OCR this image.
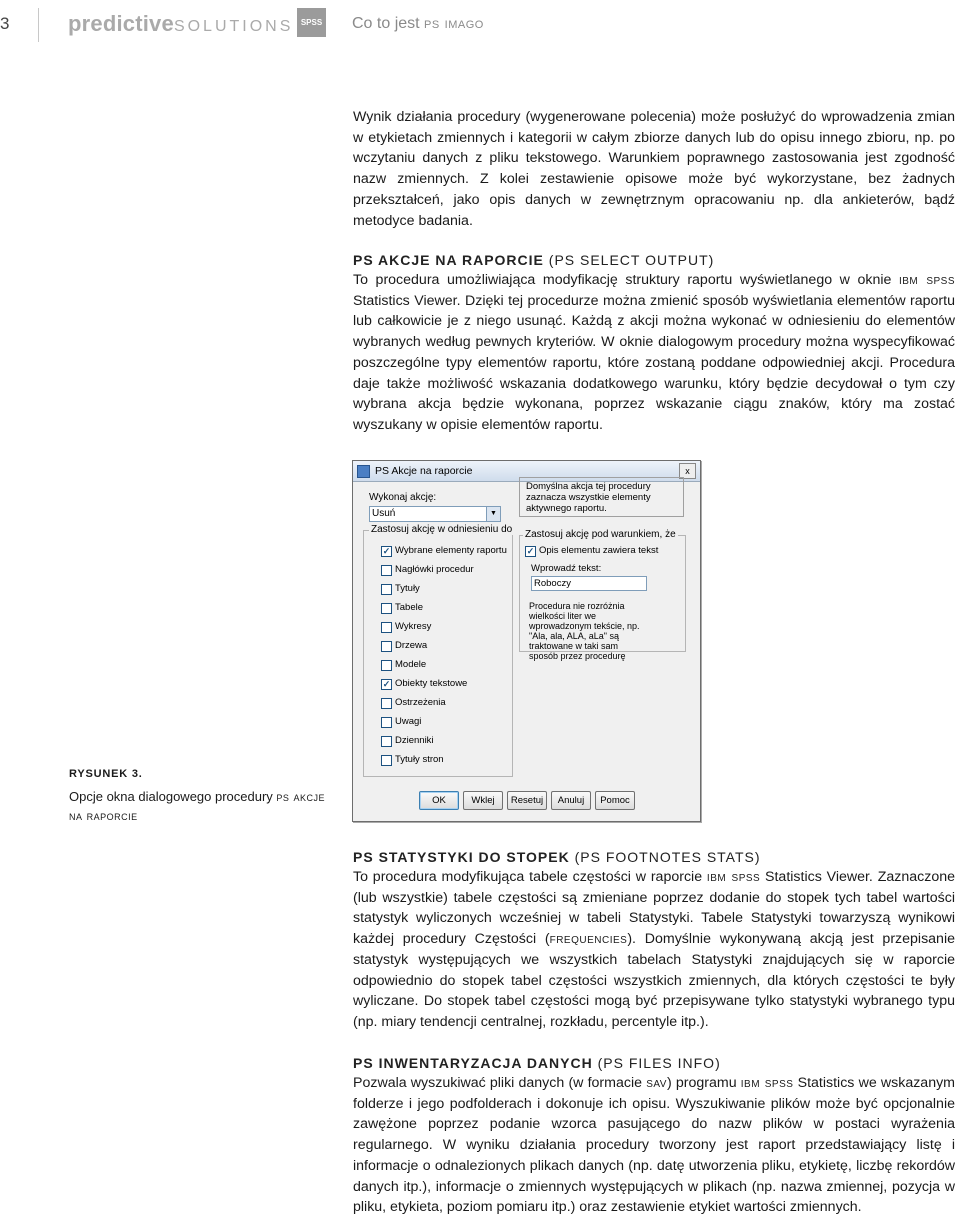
3	predictiveSOLUTIONS SPSS Co to jest ps imago

Wynik działania procedury (wygenerowane polecenia) może posłużyć do wprowadzenia zmian w etykietach zmiennych i kategorii w całym zbiorze danych lub do opisu innego zbioru, np. po wczytaniu danych z pliku tekstowego. Warunkiem poprawnego zastosowania jest zgodność nazw zmiennych. Z kolei zestawienie opisowe może być wykorzystane, bez żadnych przekształceń, jako opis danych w zewnętrznym opracowaniu np. dla ankieterów, bądź metodyce badania.

PS AKCJE NA RAPORCIE (PS SELECT OUTPUT)

To procedura umożliwiająca modyfikację struktury raportu wyświetlanego w oknie ibm spss Statistics Viewer. Dzięki tej procedurze można zmienić sposób wyświetlania elementów raportu lub całkowicie je z niego usunąć. Każdą z akcji można wykonać w odniesieniu do elementów wybranych według pewnych kryteriów. W oknie dialogowym procedury można wyspecyfikować poszczególne typy elementów raportu, które zostaną poddane odpowiedniej akcji. Procedura daje także możliwość wskazania dodatkowego warunku, który będzie decydował o tym czy wybrana akcja będzie wykonana, poprzez wskazanie ciągu znaków, który ma zostać wyszukany w opisie elementów raportu.

RYSUNEK 3.
Opcje okna dialogowego procedury ps akcje na raporcie
PS Akcje na raporcie	x
Wykonaj akcję:
Usuń	▼
Domyślna akcja tej procedury zaznacza wszystkie elementy aktywnego raportu.
Zastosuj akcję w odniesieniu do
✓ Wybrane elementy raportu
Nagłówki procedur
Tytuły
Tabele
Wykresy
Drzewa
Modele
✓ Obiekty tekstowe
Ostrzeżenia
Uwagi
Dzienniki
Tytuły stron
Zastosuj akcję pod warunkiem, że
✓ Opis elementu zawiera tekst
Wprowadź tekst:
Roboczy
Procedura nie rozróżnia wielkości liter we wprowadzonym tekście, np. "Ala, ala, ALA, aLa" są traktowane w taki sam sposób przez procedurę
OK	Wklej	Resetuj	Anuluj	Pomoc

PS STATYSTYKI DO STOPEK (PS FOOTNOTES STATS)

To procedura modyfikująca tabele częstości w raporcie ibm spss Statistics Viewer. Zaznaczone (lub wszystkie) tabele częstości są zmieniane poprzez dodanie do stopek tych tabel wartości statystyk wyliczonych wcześniej w tabeli Statystyki. Tabele Statystyki towarzyszą wynikowi każdej procedury Częstości (frequencies). Domyślnie wykonywaną akcją jest przepisanie statystyk występujących we wszystkich tabelach Statystyki znajdujących się w raporcie odpowiednio do stopek tabel częstości wszystkich zmiennych, dla których częstości te były wyliczane. Do stopek tabel częstości mogą być przepisywane tylko statystyki wybranego typu (np. miary tendencji centralnej, rozkładu, percentyle itp.).

PS INWENTARYZACJA DANYCH (PS FILES INFO)

Pozwala wyszukiwać pliki danych (w formacie sav) programu ibm spss Statistics we wskazanym folderze i jego podfolderach i dokonuje ich opisu. Wyszukiwanie plików może być opcjonalnie zawężone poprzez podanie wzorca pasującego do nazw plików w postaci wyrażenia regularnego. W wyniku działania procedury tworzony jest raport przedstawiający listę i informacje o odnalezionych plikach danych (np. datę utworzenia pliku, etykietę, liczbę rekordów danych itp.), informacje o zmiennych występujących w plikach (np. nazwa zmiennej, pozycja w pliku, etykieta, poziom pomiaru itp.) oraz zestawienie etykiet wartości zmiennych.
